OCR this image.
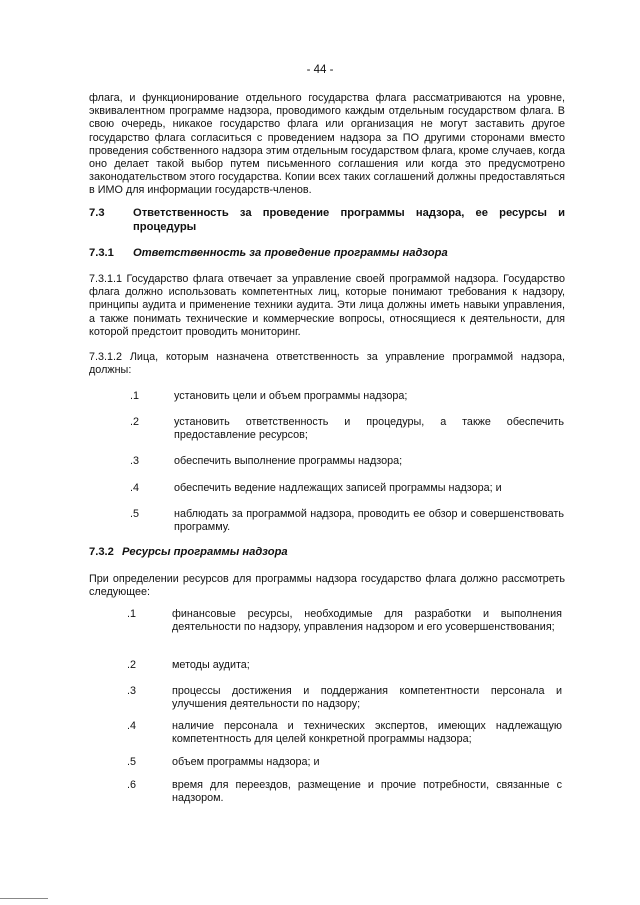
- 44 -

флага, и функционирование отдельного государства флага рассматриваются на уровне, эквивалентном программе надзора, проводимого каждым отдельным государством флага. В свою очередь, никакое государство флага или организация не могут заставить другое государство флага согласиться с проведением надзора за ПО другими сторонами вместо проведения собственного надзора этим отдельным государством флага, кроме случаев, когда оно делает такой выбор путем письменного соглашения или когда это предусмотрено законодательством этого государства. Копии всех таких соглашений должны предоставляться в ИМО для информации государств-членов.

7.3	Ответственность за проведение программы надзора, ее ресурсы и процедуры
7.3.1 Ответственность за проведение программы надзора

7.3.1.1 Государство флага отвечает за управление своей программой надзора. Государство флага должно использовать компетентных лиц, которые понимают требования к надзору, принципы аудита и применение техники аудита. Эти лица должны иметь навыки управления, а также понимать технические и коммерческие вопросы, относящиеся к деятельности, для которой предстоит проводить мониторинг.

7.3.1.2 Лица, которым назначена ответственность за управление программой надзора, должны:

.1	установить цели и объем программы надзора;
.2	установить ответственность и процедуры, а также обеспечить предоставление ресурсов;
.3	обеспечить выполнение программы надзора;
.4	обеспечить ведение надлежащих записей программы надзора; и
.5	наблюдать за программой надзора, проводить ее обзор и совершенствовать программу.
7.3.2 Ресурсы программы надзора

При определении ресурсов для программы надзора государство флага должно рассмотреть следующее:

.1	финансовые ресурсы, необходимые для разработки и выполнения деятельности по надзору, управления надзором и его усовершенствования;
.2	методы аудита;
.3	процессы достижения и поддержания компетентности персонала и улучшения деятельности по надзору;
.4	наличие персонала и технических экспертов, имеющих надлежащую компетентность для целей конкретной программы надзора;
.5	объем программы надзора; и
.6	время для переездов, размещение и прочие потребности, связанные с надзором.
